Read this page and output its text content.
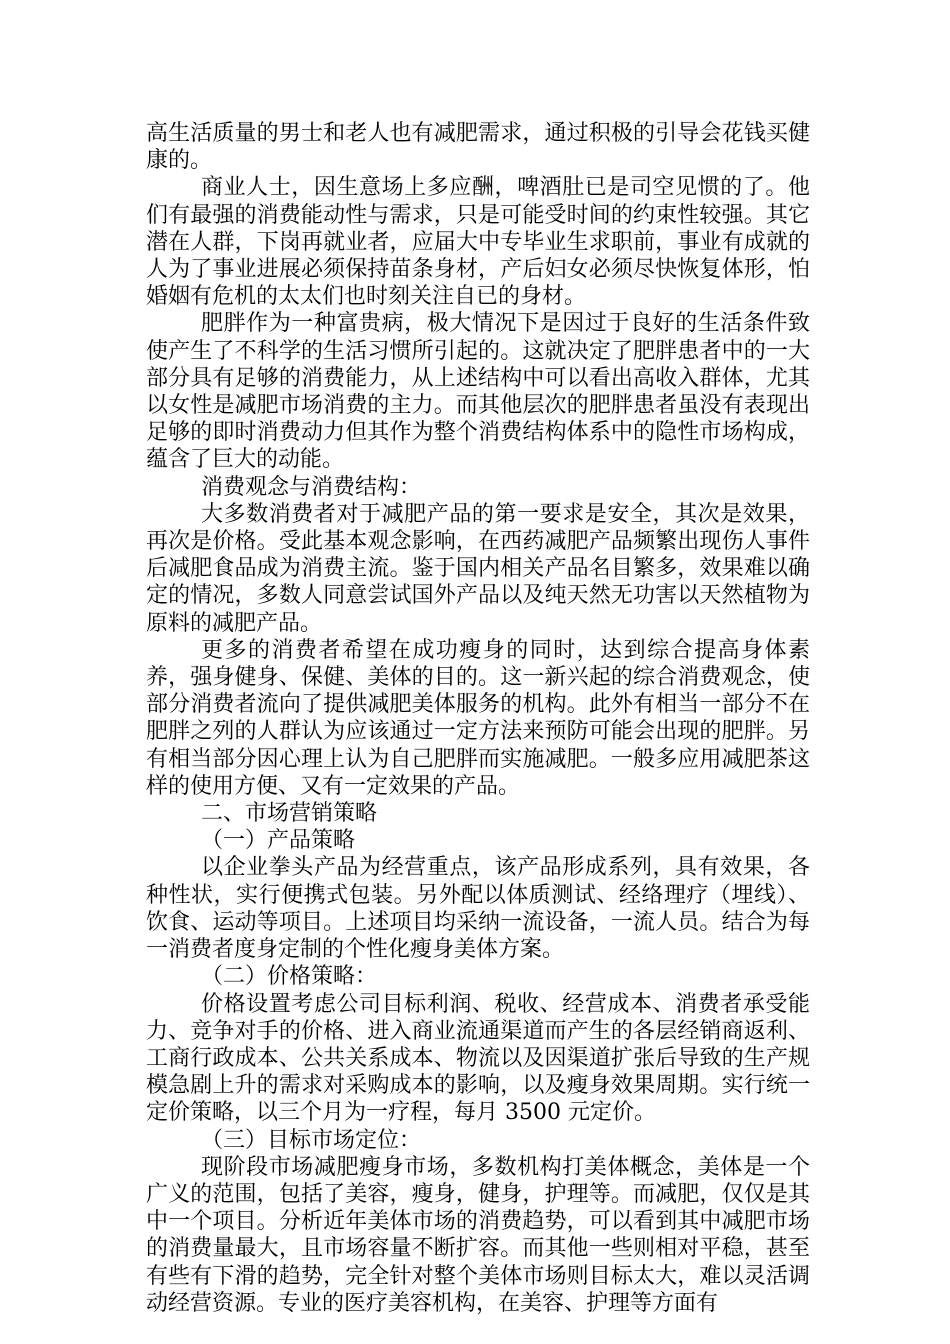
高生活质量的男士和老人也有减肥需求，通过积极的引导会花钱买健康的。

商业人士，因生意场上多应酬，啤酒肚已是司空见惯的了。他们有最强的消费能动性与需求，只是可能受时间的约束性较强。其它潜在人群，下岗再就业者，应届大中专毕业生求职前，事业有成就的人为了事业进展必须保持苗条身材，产后妇女必须尽快恢复体形，怕婚姻有危机的太太们也时刻关注自已的身材。

肥胖作为一种富贵病，极大情况下是因过于良好的生活条件致使产生了不科学的生活习惯所引起的。这就决定了肥胖患者中的一大部分具有足够的消费能力，从上述结构中可以看出高收入群体，尤其以女性是减肥市场消费的主力。而其他层次的肥胖患者虽没有表现出足够的即时消费动力但其作为整个消费结构体系中的隐性市场构成，蕴含了巨大的动能。

消费观念与消费结构：

大多数消费者对于减肥产品的第一要求是安全，其次是效果，再次是价格。受此基本观念影响，在西药减肥产品频繁出现伤人事件后减肥食品成为消费主流。鉴于国内相关产品名目繁多，效果难以确定的情况，多数人同意尝试国外产品以及纯天然无功害以天然植物为原料的减肥产品。

更多的消费者希望在成功瘦身的同时，达到综合提高身体素养，强身健身、保健、美体的目的。这一新兴起的综合消费观念，使部分消费者流向了提供减肥美体服务的机构。此外有相当一部分不在肥胖之列的人群认为应该通过一定方法来预防可能会出现的肥胖。另有相当部分因心理上认为自己肥胖而实施减肥。一般多应用减肥茶这样的使用方便、又有一定效果的产品。

二、市场营销策略

（一）产品策略

以企业拳头产品为经营重点，该产品形成系列，具有效果，各种性状，实行便携式包装。另外配以体质测试、经络理疗（埋线）、饮食、运动等项目。上述项目均采纳一流设备，一流人员。结合为每一消费者度身定制的个性化瘦身美体方案。

（二）价格策略：

价格设置考虑公司目标利润、税收、经营成本、消费者承受能力、竞争对手的价格、进入商业流通渠道而产生的各层经销商返利、工商行政成本、公共关系成本、物流以及因渠道扩张后导致的生产规模急剧上升的需求对采购成本的影响，以及瘦身效果周期。实行统一定价策略，以三个月为一疗程，每月 3500 元定价。

（三）目标市场定位：

现阶段市场减肥瘦身市场，多数机构打美体概念，美体是一个广义的范围，包括了美容，瘦身，健身，护理等。而减肥，仅仅是其中一个项目。分析近年美体市场的消费趋势，可以看到其中减肥市场的消费量最大，且市场容量不断扩容。而其他一些则相对平稳，甚至有些有下滑的趋势，完全针对整个美体市场则目标太大，难以灵活调动经营资源。专业的医疗美容机构，在美容、护理等方面有
